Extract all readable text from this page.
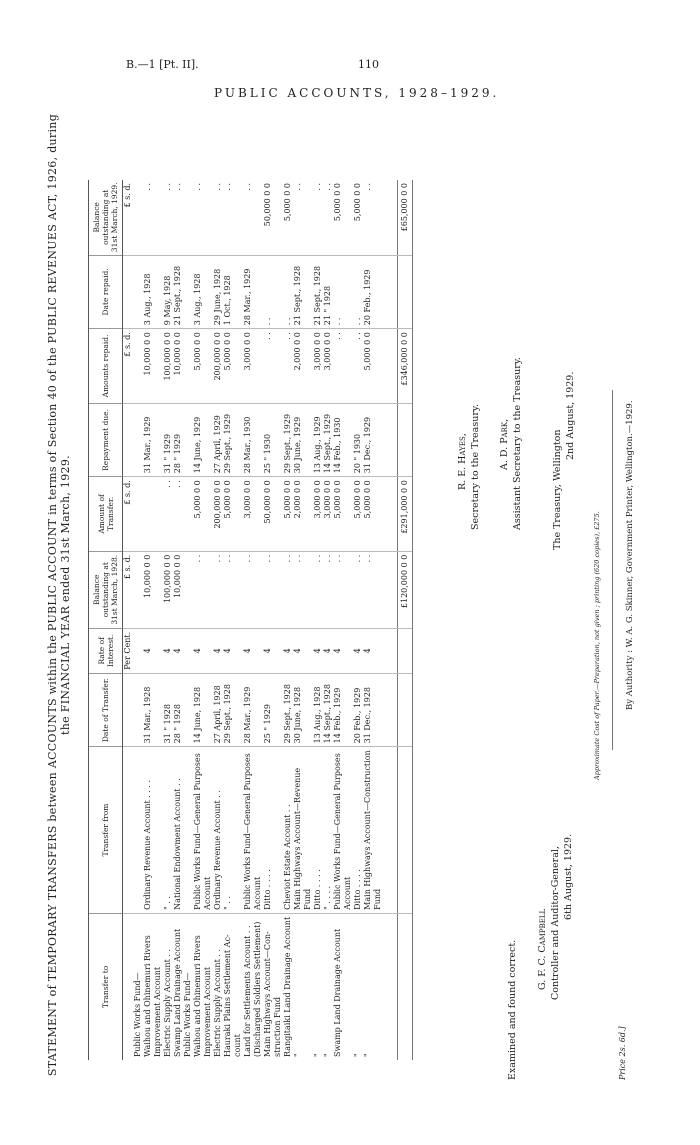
B.—1 [Pt. II].	110
PUBLIC ACCOUNTS, 1928–1929.
STATEMENT of TEMPORARY TRANSFERS between ACCOUNTS within the PUBLIC ACCOUNT in terms of Section 40 of the PUBLIC REVENUES ACT, 1926, during the FINANCIAL YEAR ended 31st March, 1929.
Transfer to	Transfer from	Date of Transfer.	Rate of Interest.	Balance outstanding at 31st March, 1928.	Amount of Transfer.	Repayment due.	Amounts repaid.	Date repaid.	Balance outstanding at 31st March, 1929.
			Per Cent.	£ s. d.	£ s. d.		£ s. d.		£ s. d.
Public Works Fund—									
Waihou and Ohinemuri Rivers	Ordinary Revenue Account . . . .	31 Mar., 1928	4	10,000 0 0		31 Mar., 1929	10,000 0 0	3 Aug., 1928	. .
Improvement Account									
Electric Supply Account . .	" . .	31 " 1928	4	100,000 0 0	. .	31 " 1929	100,000 0 0	9 May, 1928	. .
Swamp Land Drainage Account	National Endowment Account . .	28 " 1928	4	10,000 0 0	. .	28 " 1929	10,000 0 0	21 Sept., 1928	. .
Public Works Fund—									
Waihou and Ohinemuri Rivers	Public Works Fund—General Purposes	14 June, 1928	4	. .	5,000 0 0	14 June, 1929	5,000 0 0	3 Aug., 1928	. .
Improvement Account	Account								
Electric Supply Account . .	Ordinary Revenue Account . .	27 April, 1928	4	. .	200,000 0 0	27 April, 1929	200,000 0 0	29 June, 1928	. .
Hauraki Plains Settlement Ac-	" . .	29 Sept., 1928	4	. .	5,000 0 0	29 Sept., 1929	5,000 0 0	1 Oct., 1928	. .
count									
Land for Settlements Account . .	Public Works Fund—General Purposes	28 Mar., 1929	4	. .	3,000 0 0	28 Mar., 1930	3,000 0 0	28 Mar., 1929	. .
(Discharged Soldiers Settlement)	Account								
Main Highways Account—Con-	Ditto . . . .	25 " 1929	4	. .	50,000 0 0	25 " 1930	. .	. .	50,000 0 0
struction Fund									
Rangitaiki Land Drainage Account	Cheviot Estate Account . .	29 Sept., 1928	4	. .	5,000 0 0	29 Sept., 1929	. .	. .	5,000 0 0
"	Main Highways Account—Revenue	30 June, 1928	4	. .	2,000 0 0	30 June, 1929	2,000 0 0	21 Sept., 1928	. .
	Fund								
"	Ditto . . . .	13 Aug., 1928	4	. .	3,000 0 0	13 Aug., 1929	3,000 0 0	21 Sept., 1928	. .
"	" . . . .	14 Sept., 1928	4	. .	3,000 0 0	14 Sept., 1929	3,000 0 0	21 " 1928	. .
Swamp Land Drainage Account	Public Works Fund—General Purposes	14 Feb., 1929	4	. .	5,000 0 0	14 Feb., 1930	. .	. .	5,000 0 0
	Account								
"	Ditto . . . .	20 Feb., 1929	4	. .	5,000 0 0	20 " 1930	. .	. .	5,000 0 0
"	Main Highways Account—Construction	31 Dec., 1928	4	. .	5,000 0 0	31 Dec., 1929	5,000 0 0	20 Feb., 1929	. .
	Fund								
				£120,000 0 0	£291,000 0 0		£346,000 0 0		£65,000 0 0
Examined and found correct. G. F. C. Campbell Controller and Auditor-General, 6th August, 1929.
Price 2s. 6d.]
R. E. Hayes, Secretary to the Treasury. A. D. Park, Assistant Secretary to the Treasury.	The Treasury, Wellington
2nd August, 1929.
Approximate Cost of Paper.—Preparation, not given ; printing (620 copies), £275.	By Authority : W. A. G. Skinner, Government Printer, Wellington.—1929.
